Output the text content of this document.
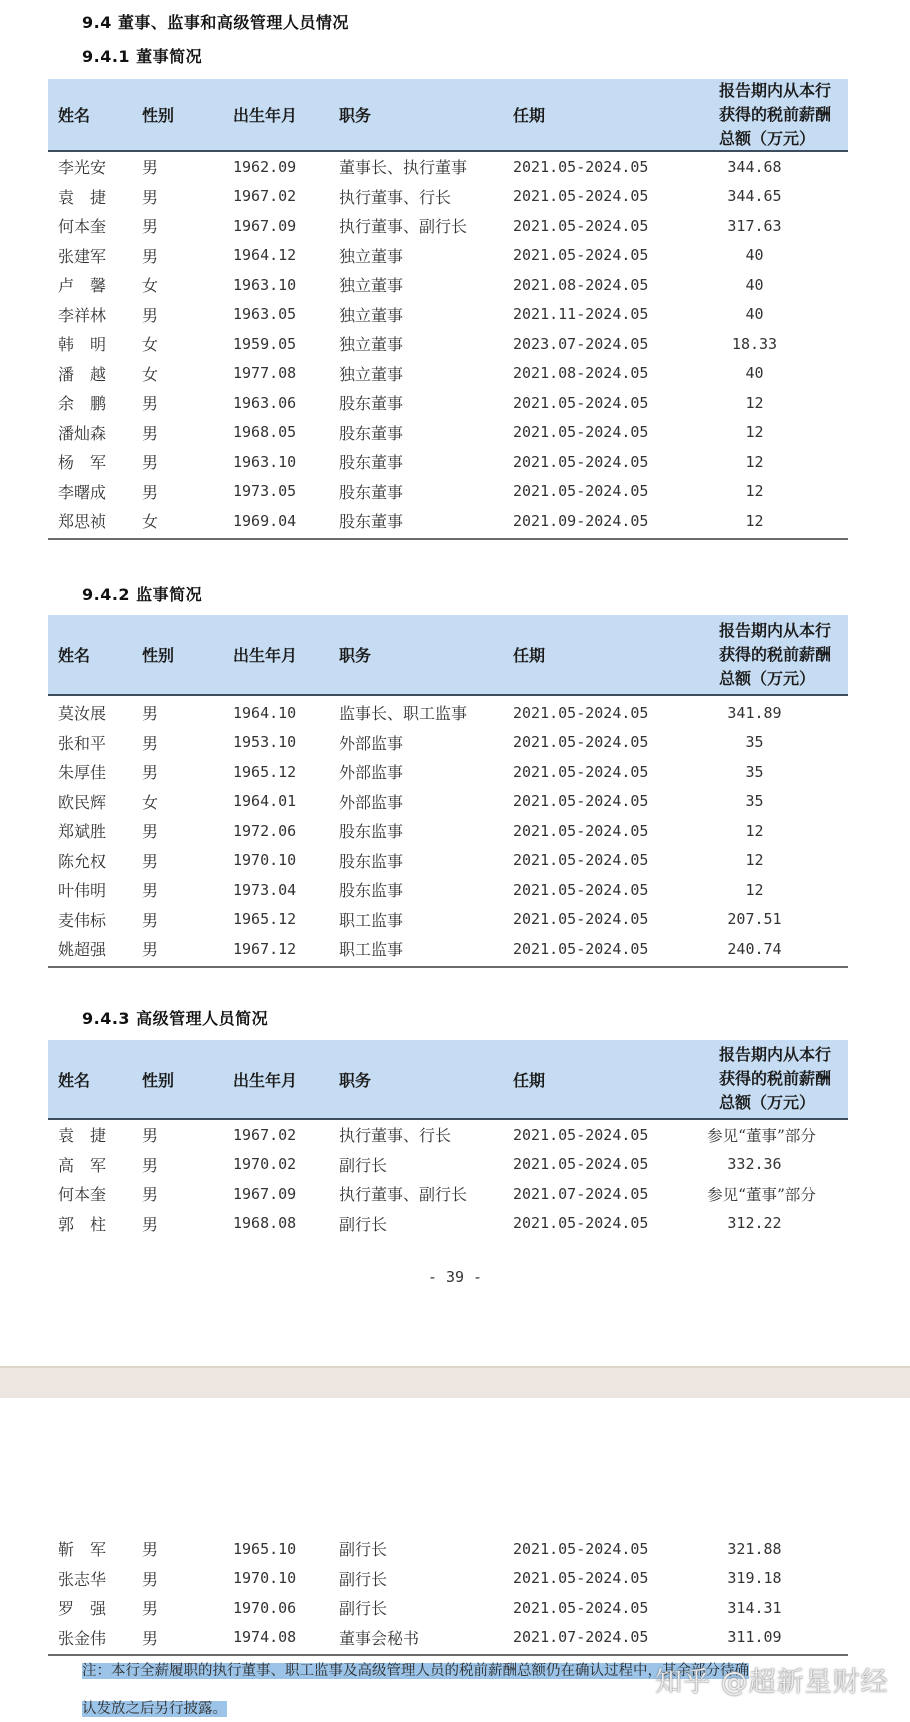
9.4 董事、监事和高级管理人员情况
9.4.1 董事简况
姓名	性别	出生年月	职务	任期
报告期内从本行
获得的税前薪酬
总额（万元）
李光安	男	1962.09	董事长、执行董事	2021.05-2024.05	344.68
袁　捷	男	1967.02	执行董事、行长	2021.05-2024.05	344.65
何本奎	男	1967.09	执行董事、副行长	2021.05-2024.05	317.63
张建军	男	1964.12	独立董事	2021.05-2024.05	40
卢　馨	女	1963.10	独立董事	2021.08-2024.05	40
李祥林	男	1963.05	独立董事	2021.11-2024.05	40
韩　明	女	1959.05	独立董事	2023.07-2024.05	18.33
潘　越	女	1977.08	独立董事	2021.08-2024.05	40
余　鹏	男	1963.06	股东董事	2021.05-2024.05	12
潘灿森	男	1968.05	股东董事	2021.05-2024.05	12
杨　军	男	1963.10	股东董事	2021.05-2024.05	12
李曙成	男	1973.05	股东董事	2021.05-2024.05	12
郑思祯	女	1969.04	股东董事	2021.09-2024.05	12
9.4.2 监事简况
姓名	性别	出生年月	职务	任期
报告期内从本行
获得的税前薪酬
总额（万元）
莫汝展	男	1964.10	监事长、职工监事	2021.05-2024.05	341.89
张和平	男	1953.10	外部监事	2021.05-2024.05	35
朱厚佳	男	1965.12	外部监事	2021.05-2024.05	35
欧民辉	女	1964.01	外部监事	2021.05-2024.05	35
郑斌胜	男	1972.06	股东监事	2021.05-2024.05	12
陈允权	男	1970.10	股东监事	2021.05-2024.05	12
叶伟明	男	1973.04	股东监事	2021.05-2024.05	12
麦伟标	男	1965.12	职工监事	2021.05-2024.05	207.51
姚超强	男	1967.12	职工监事	2021.05-2024.05	240.74
9.4.3 高级管理人员简况
姓名	性别	出生年月	职务	任期
报告期内从本行
获得的税前薪酬
总额（万元）
袁　捷	男	1967.02	执行董事、行长	2021.05-2024.05	参见“董事”部分
高　军	男	1970.02	副行长	2021.05-2024.05	332.36
何本奎	男	1967.09	执行董事、副行长	2021.07-2024.05	参见“董事”部分
郭　柱	男	1968.08	副行长	2021.05-2024.05	312.22
- 39 -
靳　军	男	1965.10	副行长	2021.05-2024.05	321.88
张志华	男	1970.10	副行长	2021.05-2024.05	319.18
罗　强	男	1970.06	副行长	2021.05-2024.05	314.31
张金伟	男	1974.08	董事会秘书	2021.07-2024.05	311.09
注：本行全薪履职的执行董事、职工监事及高级管理人员的税前薪酬总额仍在确认过程中，其余部分待确
认发放之后另行披露。
知乎 @超新星财经
